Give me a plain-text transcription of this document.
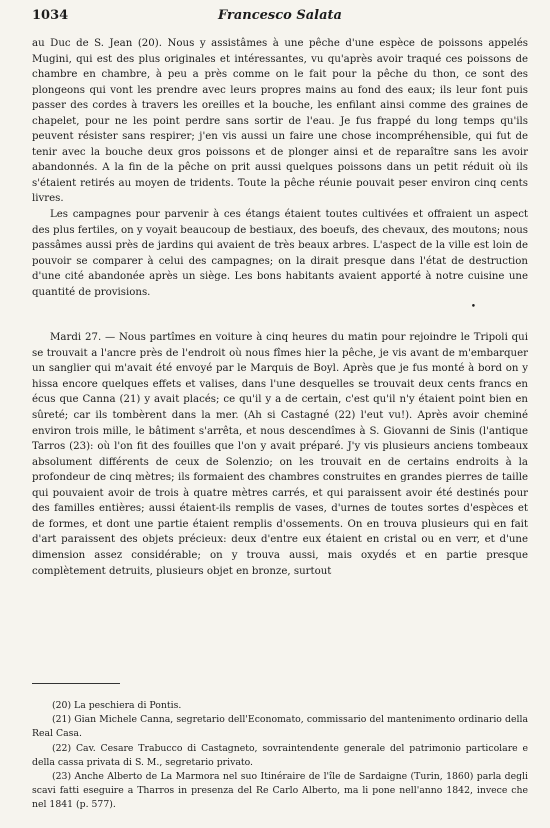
1034	Francesco Salata

au Duc de S. Jean (20). Nous y assistâmes à une pêche d'une espèce de poissons appelés Mugini, qui est des plus originales et intéressantes, vu qu'après avoir traqué ces poissons de chambre en chambre, à peu a près comme on le fait pour la pêche du thon, ce sont des plongeons qui vont les prendre avec leurs propres mains au fond des eaux; ils leur font puis passer des cordes à travers les oreilles et la bouche, les enfilant ainsi comme des graines de chapelet, pour ne les point perdre sans sortir de l'eau. Je fus frappé du long temps qu'ils peuvent résister sans respirer; j'en vis aussi un faire une chose incompréhensible, qui fut de tenir avec la bouche deux gros poissons et de plonger ainsi et de reparaître sans les avoir abandonnés. A la fin de la pêche on prit aussi quelques poissons dans un petit réduit où ils s'étaient retirés au moyen de tridents. Toute la pêche réunie pouvait peser environ cinq cents livres.

Les campagnes pour parvenir à ces étangs étaient toutes cultivées et offraient un aspect des plus fertiles, on y voyait beaucoup de bestiaux, des boeufs, des chevaux, des moutons; nous passâmes aussi près de jardins qui avaient de très beaux arbres. L'aspect de la ville est loin de pouvoir se comparer à celui des campagnes; on la dirait presque dans l'état de destruction d'une cité abandonée après un siège. Les bons habitants avaient apporté à notre cuisine une quantité de provisions.

•

Mardi 27. — Nous partîmes en voiture à cinq heures du matin pour rejoindre le Tripoli qui se trouvait a l'ancre près de l'endroit où nous fîmes hier la pêche, je vis avant de m'embarquer un sanglier qui m'avait été envoyé par le Marquis de Boyl. Après que je fus monté à bord on y hissa encore quelques effets et valises, dans l'une desquelles se trouvait deux cents francs en écus que Canna (21) y avait placés; ce qu'il y a de certain, c'est qu'il n'y étaient point bien en sûreté; car ils tombèrent dans la mer. (Ah si Castagné (22) l'eut vu!). Après avoir cheminé environ trois mille, le bâtiment s'arrêta, et nous descendîmes à S. Giovanni de Sinis (l'antique Tarros (23): où l'on fit des fouilles que l'on y avait préparé. J'y vis plusieurs anciens tombeaux absolument différents de ceux de Solenzio; on les trouvait en de certains endroits à la profondeur de cinq mètres; ils formaient des chambres construites en grandes pierres de taille qui pouvaient avoir de trois à quatre mètres carrés, et qui paraissent avoir été destinés pour des familles entières; aussi étaient-ils remplis de vases, d'urnes de toutes sortes d'espèces et de formes, et dont une partie étaient remplis d'ossements. On en trouva plusieurs qui en fait d'art paraissent des objets précieux: deux d'entre eux étaient en cristal ou en verr, et d'une dimension assez considérable; on y trouva aussi, mais oxydés et en partie presque complètement detruits, plusieurs objet en bronze, surtout

(20) La peschiera di Pontis.

(21) Gian Michele Canna, segretario dell'Economato, commissario del mantenimento ordinario della Real Casa.

(22) Cav. Cesare Trabucco di Castagneto, sovraintendente generale del patrimonio particolare e della cassa privata di S. M., segretario privato.

(23) Anche Alberto de La Marmora nel suo Itinéraire de l'île de Sardaigne (Turin, 1860) parla degli scavi fatti eseguire a Tharros in presenza del Re Carlo Alberto, ma li pone nell'anno 1842, invece che nel 1841 (p. 577).
